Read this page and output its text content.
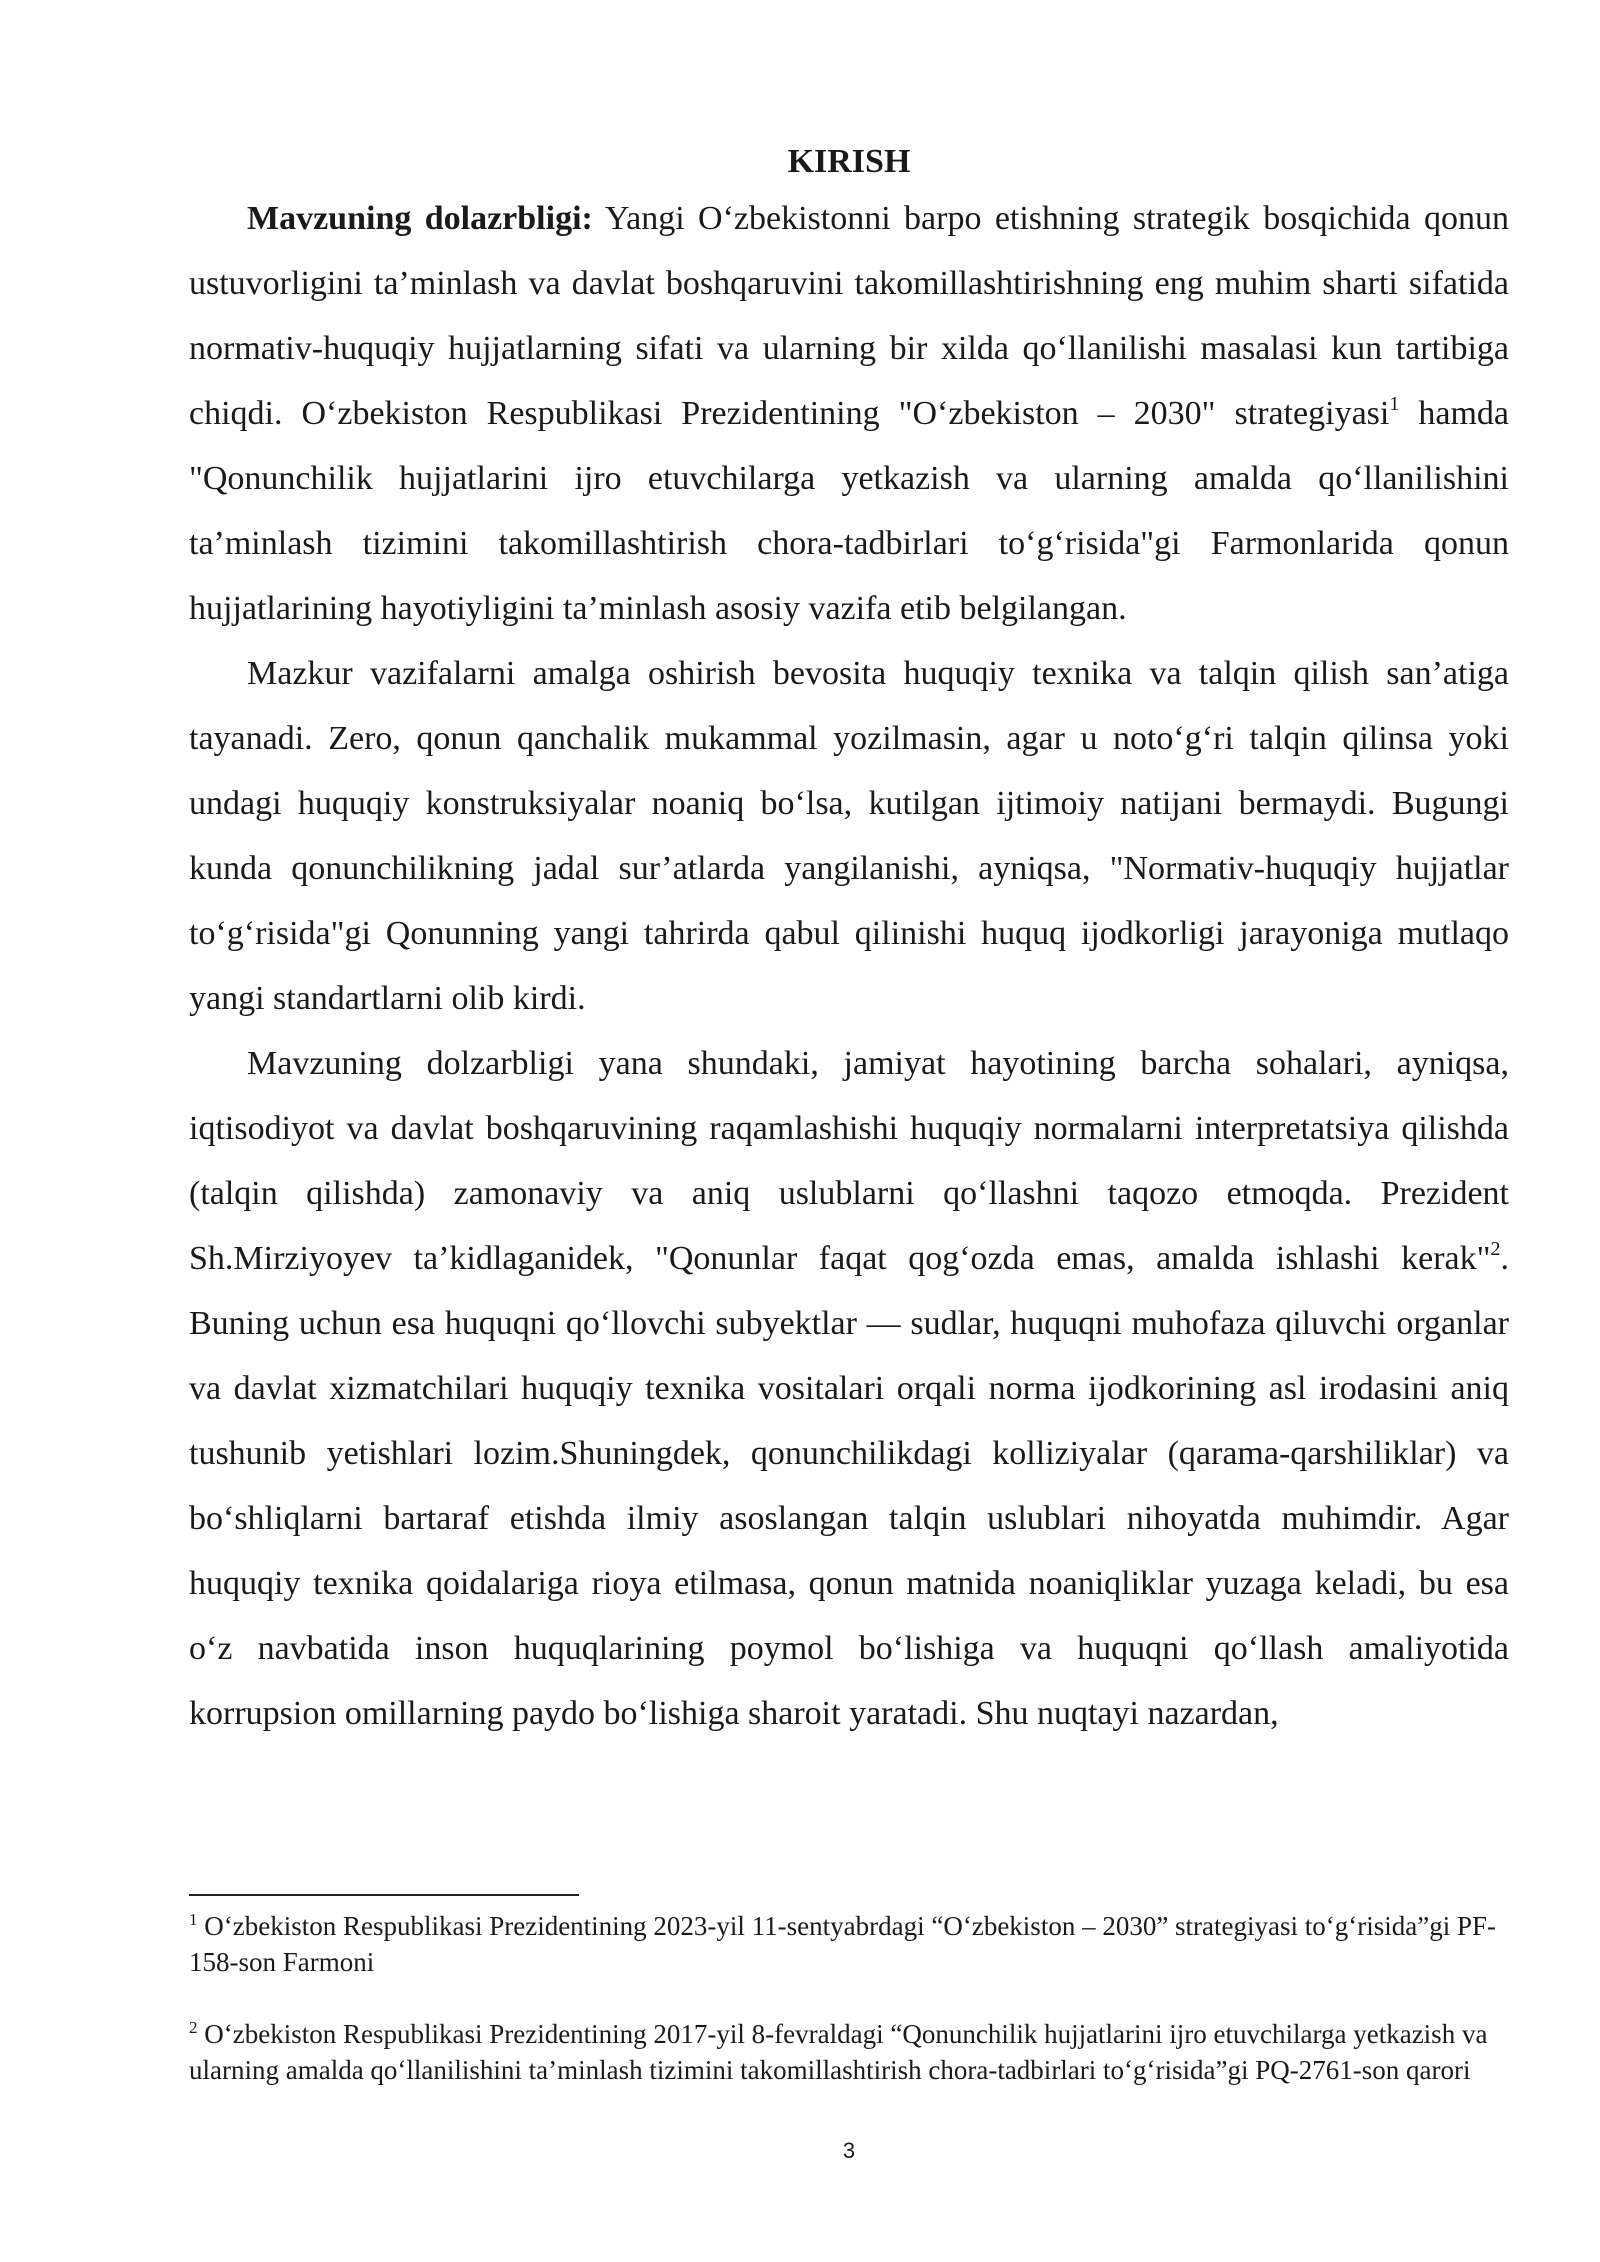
KIRISH

Mavzuning dolazrbligi: Yangi O‘zbekistonni barpo etishning strategik bosqichida qonun ustuvorligini ta’minlash va davlat boshqaruvini takomillashtirishning eng muhim sharti sifatida normativ-huquqiy hujjatlarning sifati va ularning bir xilda qo‘llanilishi masalasi kun tartibiga chiqdi. O‘zbekiston Respublikasi Prezidentining "O‘zbekiston – 2030" strategiyasi$^1$ hamda "Qonunchilik hujjatlarini ijro etuvchilarga yetkazish va ularning amalda qo‘llanilishini ta’minlash tizimini takomillashtirish chora-tadbirlari to‘g‘risida"gi Farmonlarida qonun hujjatlarining hayotiyligini ta’minlash asosiy vazifa etib belgilangan.

Mazkur vazifalarni amalga oshirish bevosita huquqiy texnika va talqin qilish san’atiga tayanadi. Zero, qonun qanchalik mukammal yozilmasin, agar u noto‘g‘ri talqin qilinsa yoki undagi huquqiy konstruksiyalar noaniq bo‘lsa, kutilgan ijtimoiy natijani bermaydi. Bugungi kunda qonunchilikning jadal sur’atlarda yangilanishi, ayniqsa, "Normativ-huquqiy hujjatlar to‘g‘risida"gi Qonunning yangi tahrirda qabul qilinishi huquq ijodkorligi jarayoniga mutlaqo yangi standartlarni olib kirdi.

Mavzuning dolzarbligi yana shundaki, jamiyat hayotining barcha sohalari, ayniqsa, iqtisodiyot va davlat boshqaruvining raqamlashishi huquqiy normalarni interpretatsiya qilishda (talqin qilishda) zamonaviy va aniq uslublarni qo‘llashni taqozo etmoqda. Prezident Sh.Mirziyoyev ta’kidlaganidek, "Qonunlar faqat qog‘ozda emas, amalda ishlashi kerak"$^2$. Buning uchun esa huquqni qo‘llovchi subyektlar — sudlar, huquqni muhofaza qiluvchi organlar va davlat xizmatchilari huquqiy texnika vositalari orqali norma ijodkorining asl irodasini aniq tushunib yetishlari lozim.Shuningdek, qonunchilikdagi kolliziyalar (qarama-qarshiliklar) va bo‘shliqlarni bartaraf etishda ilmiy asoslangan talqin uslublari nihoyatda muhimdir. Agar huquqiy texnika qoidalariga rioya etilmasa, qonun matnida noaniqliklar yuzaga keladi, bu esa o‘z navbatida inson huquqlarining poymol bo‘lishiga va huquqni qo‘llash amaliyotida korrupsion omillarning paydo bo‘lishiga sharoit yaratadi. Shu nuqtayi nazardan,

$^1$ O‘zbekiston Respublikasi Prezidentining 2023-yil 11-sentyabrdagi “O‘zbekiston – 2030” strategiyasi to‘g‘risida”gi PF-158-son Farmoni

$^2$ O‘zbekiston Respublikasi Prezidentining 2017-yil 8-fevraldagi “Qonunchilik hujjatlarini ijro etuvchilarga yetkazish va ularning amalda qo‘llanilishini ta’minlash tizimini takomillashtirish chora-tadbirlari to‘g‘risida”gi PQ-2761-son qarori

3
